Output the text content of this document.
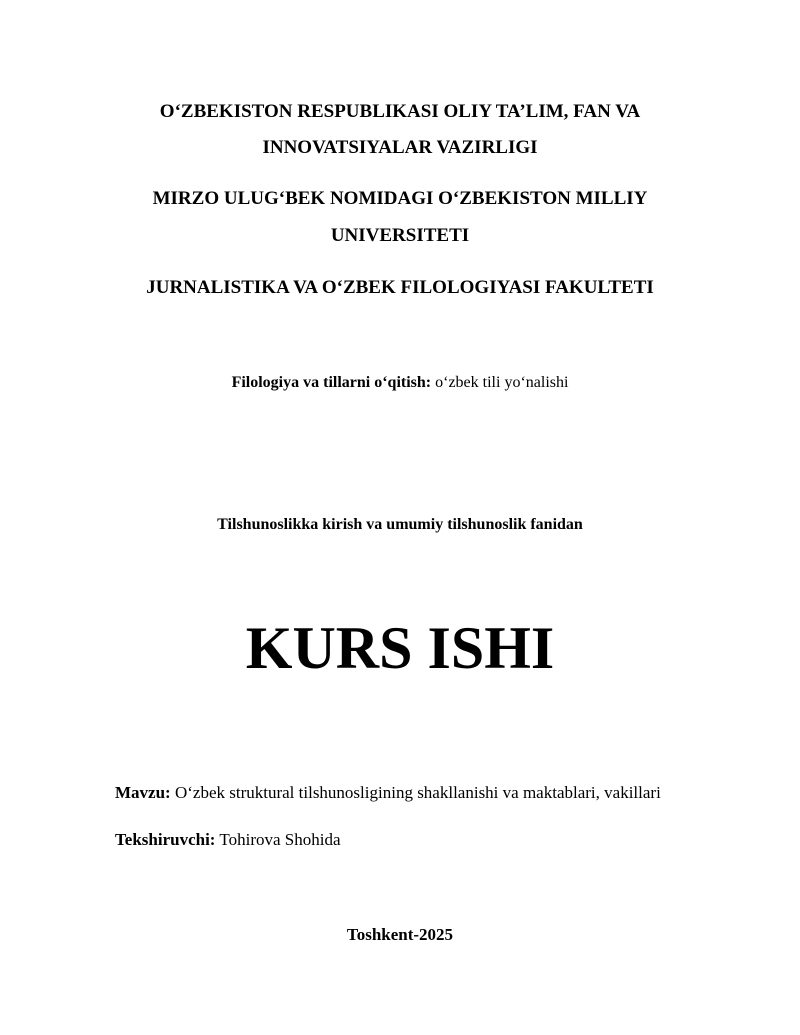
O‘ZBEKISTON RESPUBLIKASI OLIY TA’LIM, FAN VA
INNOVATSIYALAR VAZIRLIGI
MIRZO ULUG‘BEK NOMIDAGI O‘ZBEKISTON MILLIY
UNIVERSITETI
JURNALISTIKA VA O‘ZBEK FILOLOGIYASI FAKULTETI
Filologiya va tillarni o‘qitish: o‘zbek tili yo‘nalishi
Tilshunoslikka kirish va umumiy tilshunoslik fanidan
KURS ISHI
Mavzu: O‘zbek struktural tilshunosligining shakllanishi va maktablari, vakillari
Tekshiruvchi: Tohirova Shohida
Toshkent-2025
